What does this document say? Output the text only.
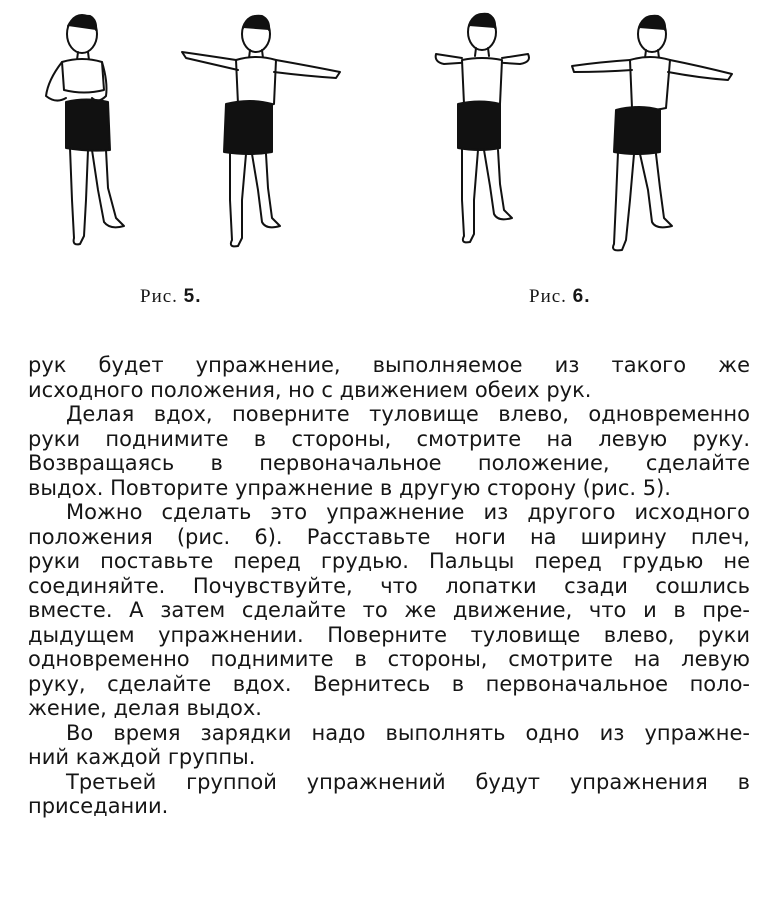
Рис. 5.	Рис. 6.
рук будет упражнение, выполняемое из такого же
исходного положения, но с движением обеих рук.
Делая вдох, поверните туловище влево, одновременно
руки поднимите в стороны, смотрите на левую руку.
Возвращаясь в первоначальное положение, сделайте
выдох. Повторите упражнение в другую сторону (рис. 5).
Можно сделать это упражнение из другого исходного
положения (рис. 6). Расставьте ноги на ширину плеч,
руки поставьте перед грудью. Пальцы перед грудью не
соединяйте. Почувствуйте, что лопатки сзади сошлись
вместе. А затем сделайте то же движение, что и в пре-
дыдущем упражнении. Поверните туловище влево, руки
одновременно поднимите в стороны, смотрите на левую
руку, сделайте вдох. Вернитесь в первоначальное поло-
жение, делая выдох.
Во время зарядки надо выполнять одно из упражне-
ний каждой группы.
Третьей группой упражнений будут упражнения в
приседании.
